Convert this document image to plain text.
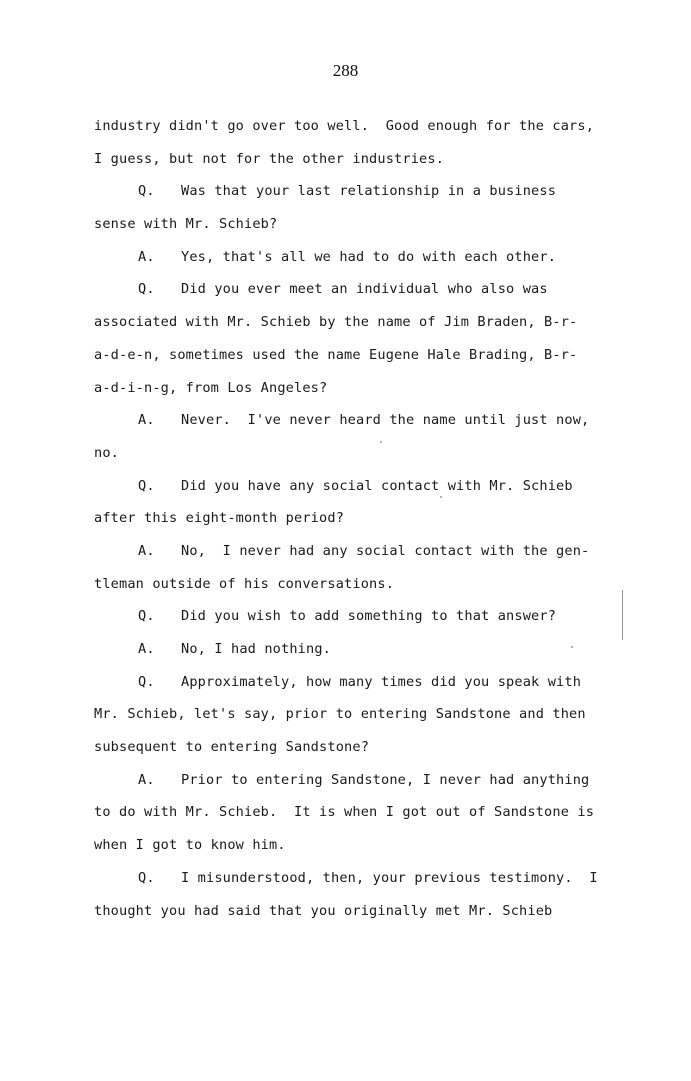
288
industry didn't go over too well.  Good enough for the cars,
I guess, but not for the other industries.
Q. Was that your last relationship in a business
sense with Mr. Schieb?
A. Yes, that's all we had to do with each other.
Q. Did you ever meet an individual who also was
associated with Mr. Schieb by the name of Jim Braden, B-r-
a-d-e-n, sometimes used the name Eugene Hale Brading, B-r-
a-d-i-n-g, from Los Angeles?
A. Never.  I've never heard the name until just now,
no.
Q. Did you have any social contact with Mr. Schieb
after this eight-month period?
A. No,  I never had any social contact with the gen-
tleman outside of his conversations.
Q. Did you wish to add something to that answer?
A. No, I had nothing.
Q. Approximately, how many times did you speak with
Mr. Schieb, let's say, prior to entering Sandstone and then
subsequent to entering Sandstone?
A. Prior to entering Sandstone, I never had anything
to do with Mr. Schieb.  It is when I got out of Sandstone is
when I got to know him.
Q. I misunderstood, then, your previous testimony.  I
thought you had said that you originally met Mr. Schieb
